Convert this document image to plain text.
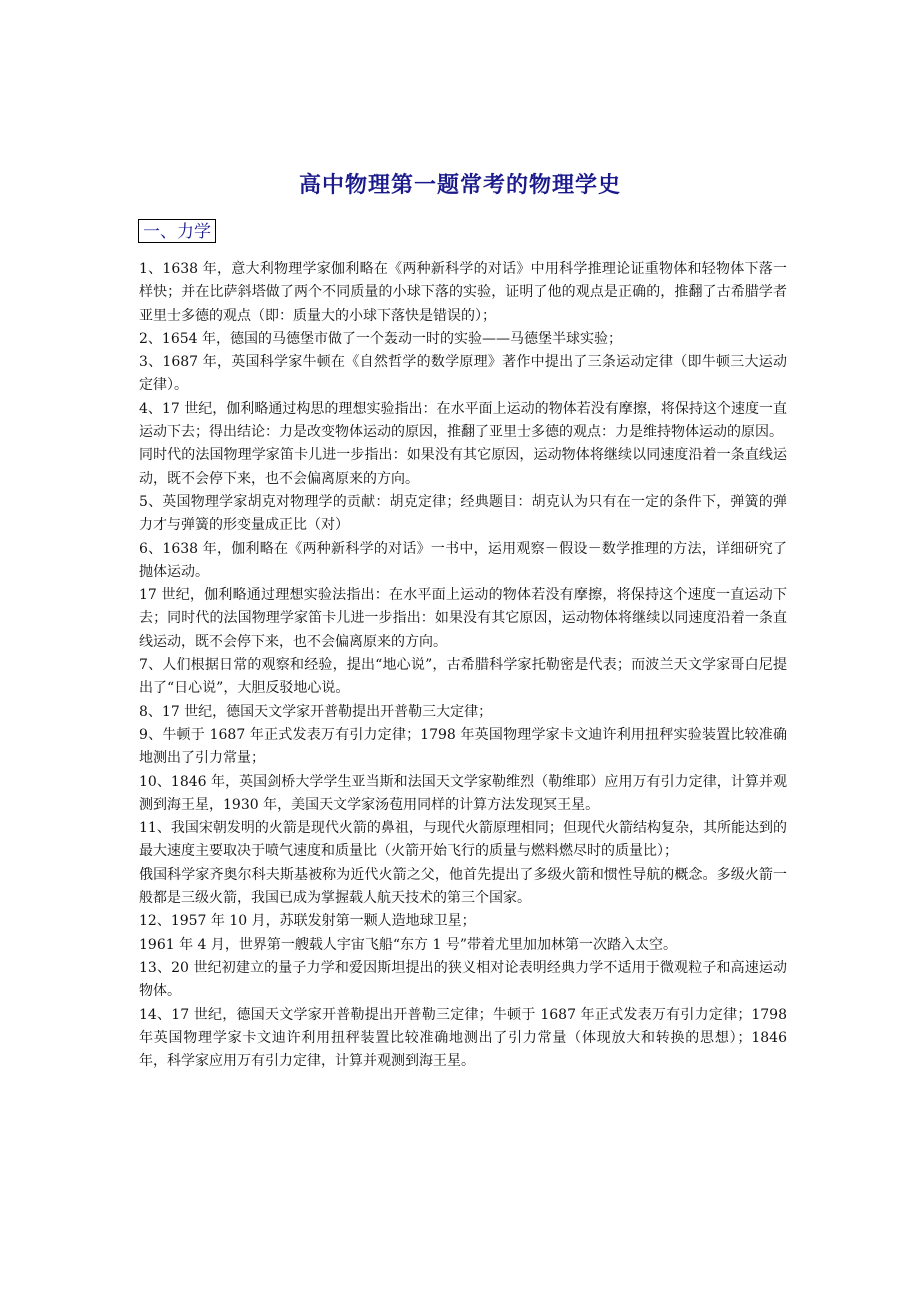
高中物理第一题常考的物理学史
一、力学

1、1638 年，意大利物理学家伽利略在《两种新科学的对话》中用科学推理论证重物体和轻物体下落一样快；并在比萨斜塔做了两个不同质量的小球下落的实验，证明了他的观点是正确的，推翻了古希腊学者亚里士多德的观点（即：质量大的小球下落快是错误的）；

2、1654 年，德国的马德堡市做了一个轰动一时的实验——马德堡半球实验；

3、1687 年，英国科学家牛顿在《自然哲学的数学原理》著作中提出了三条运动定律（即牛顿三大运动定律）。

4、17 世纪，伽利略通过构思的理想实验指出：在水平面上运动的物体若没有摩擦，将保持这个速度一直运动下去；得出结论：力是改变物体运动的原因，推翻了亚里士多德的观点：力是维持物体运动的原因。

同时代的法国物理学家笛卡儿进一步指出：如果没有其它原因，运动物体将继续以同速度沿着一条直线运动，既不会停下来，也不会偏离原来的方向。

5、英国物理学家胡克对物理学的贡献：胡克定律；经典题目：胡克认为只有在一定的条件下，弹簧的弹力才与弹簧的形变量成正比（对）

6、1638 年，伽利略在《两种新科学的对话》一书中，运用观察－假设－数学推理的方法，详细研究了抛体运动。

17 世纪，伽利略通过理想实验法指出：在水平面上运动的物体若没有摩擦，将保持这个速度一直运动下去；同时代的法国物理学家笛卡儿进一步指出：如果没有其它原因，运动物体将继续以同速度沿着一条直线运动，既不会停下来，也不会偏离原来的方向。

7、人们根据日常的观察和经验，提出“地心说”，古希腊科学家托勒密是代表；而波兰天文学家哥白尼提出了“日心说”，大胆反驳地心说。

8、17 世纪，德国天文学家开普勒提出开普勒三大定律；

9、牛顿于 1687 年正式发表万有引力定律；1798 年英国物理学家卡文迪许利用扭秤实验装置比较准确地测出了引力常量；

10、1846 年，英国剑桥大学学生亚当斯和法国天文学家勒维烈（勒维耶）应用万有引力定律，计算并观测到海王星，1930 年，美国天文学家汤苞用同样的计算方法发现冥王星。

11、我国宋朝发明的火箭是现代火箭的鼻祖，与现代火箭原理相同；但现代火箭结构复杂，其所能达到的最大速度主要取决于喷气速度和质量比（火箭开始飞行的质量与燃料燃尽时的质量比）；

俄国科学家齐奥尔科夫斯基被称为近代火箭之父，他首先提出了多级火箭和惯性导航的概念。多级火箭一般都是三级火箭，我国已成为掌握载人航天技术的第三个国家。

12、1957 年 10 月，苏联发射第一颗人造地球卫星；

1961 年 4 月，世界第一艘载人宇宙飞船“东方 1 号”带着尤里加加林第一次踏入太空。

13、20 世纪初建立的量子力学和爱因斯坦提出的狭义相对论表明经典力学不适用于微观粒子和高速运动物体。

14、17 世纪，德国天文学家开普勒提出开普勒三定律；牛顿于 1687 年正式发表万有引力定律；1798 年英国物理学家卡文迪许利用扭秤装置比较准确地测出了引力常量（体现放大和转换的思想）；1846 年，科学家应用万有引力定律，计算并观测到海王星。
